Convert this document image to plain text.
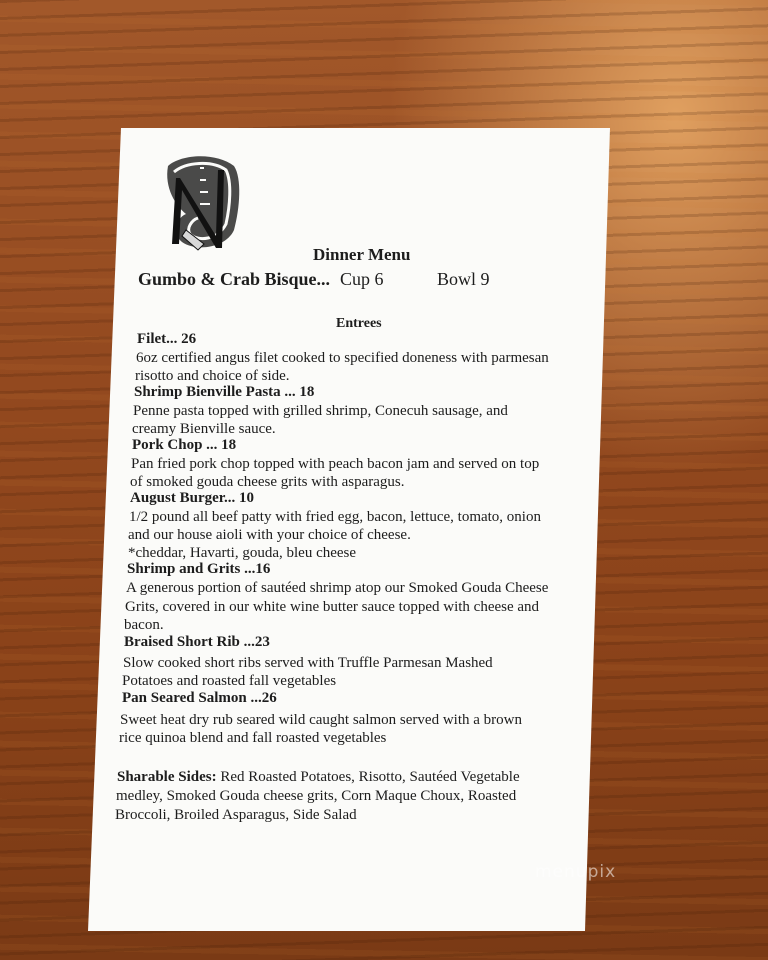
Dinner Menu
Gumbo & Crab Bisque... Cup 6	Bowl 9
Entrees
Filet... 26
6oz certified angus filet cooked to specified doneness with parmesan
risotto and choice of side.
Shrimp Bienville Pasta ... 18
Penne pasta topped with grilled shrimp, Conecuh sausage, and
creamy Bienville sauce.
Pork Chop ... 18
Pan fried pork chop topped with peach bacon jam and served on top
of smoked gouda cheese grits with asparagus.
August Burger... 10
1/2 pound all beef patty with fried egg, bacon, lettuce, tomato, onion
and our house aioli with your choice of cheese.
*cheddar, Havarti, gouda, bleu cheese
Shrimp and Grits ...16
A generous portion of sautéed shrimp atop our Smoked Gouda Cheese
Grits, covered in our white wine butter sauce topped with cheese and
bacon.
Braised Short Rib ...23
Slow cooked short ribs served with Truffle Parmesan Mashed
Potatoes and roasted fall vegetables
Pan Seared Salmon ...26
Sweet heat dry rub seared wild caught salmon served with a brown
rice quinoa blend and fall roasted vegetables
Sharable Sides: Red Roasted Potatoes, Risotto, Sautéed Vegetable
medley, Smoked Gouda cheese grits, Corn Maque Choux, Roasted
Broccoli, Broiled Asparagus, Side Salad
menupix
